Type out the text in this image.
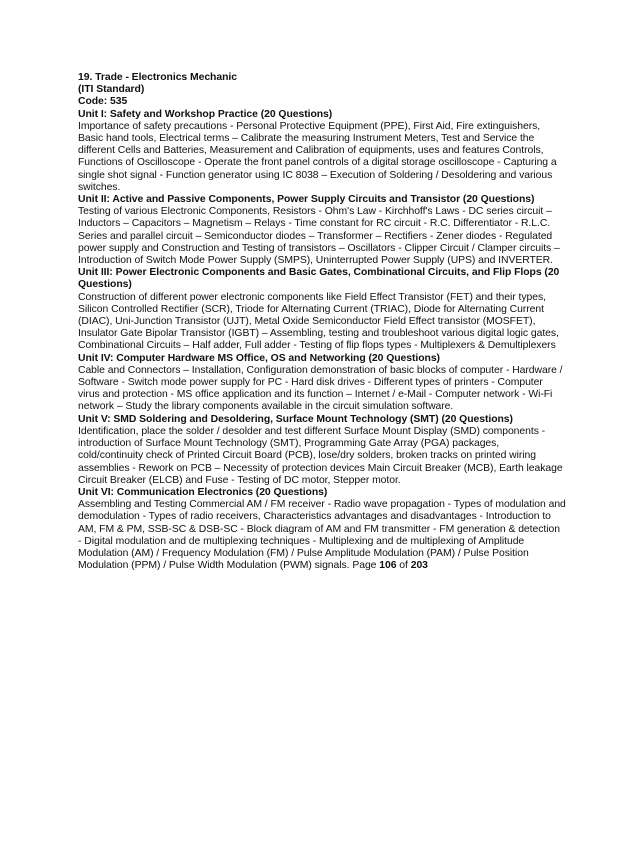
19. Trade - Electronics Mechanic

(ITI Standard)

Code: 535

Unit I: Safety and Workshop Practice (20 Questions)

Importance of safety precautions - Personal Protective Equipment (PPE), First Aid, Fire extinguishers, Basic hand tools, Electrical terms – Calibrate the measuring Instrument Meters, Test and Service the different Cells and Batteries, Measurement and Calibration of equipments, uses and features Controls, Functions of Oscilloscope - Operate the front panel controls of a digital storage oscilloscope - Capturing a single shot signal - Function generator using IC 8038 – Execution of Soldering / Desoldering and various switches.

Unit II: Active and Passive Components, Power Supply Circuits and Transistor (20 Questions)

Testing of various Electronic Components, Resistors - Ohm's Law - Kirchhoff's Laws - DC series circuit – Inductors – Capacitors – Magnetism – Relays - Time constant for RC circuit - R.C. Differentiator - R.L.C. Series and parallel circuit – Semiconductor diodes – Transformer – Rectifiers - Zener diodes - Regulated power supply and Construction and Testing of transistors – Oscillators - Clipper Circuit / Clamper circuits – Introduction of Switch Mode Power Supply (SMPS), Uninterrupted Power Supply (UPS) and INVERTER.

Unit III: Power Electronic Components and Basic Gates, Combinational Circuits, and Flip Flops (20 Questions)

Construction of different power electronic components like Field Effect Transistor (FET) and their types, Silicon Controlled Rectifier (SCR), Triode for Alternating Current (TRIAC), Diode for Alternating Current (DIAC), Uni-Junction Transistor (UJT), Metal Oxide Semiconductor Field Effect transistor (MOSFET), Insulator Gate Bipolar Transistor (IGBT) – Assembling, testing and troubleshoot various digital logic gates, Combinational Circuits – Half adder, Full adder - Testing of flip flops types - Multiplexers & Demultiplexers

Unit IV: Computer Hardware MS Office, OS and Networking (20 Questions)

Cable and Connectors – Installation, Configuration demonstration of basic blocks of computer - Hardware / Software - Switch mode power supply for PC - Hard disk drives - Different types of printers - Computer virus and protection - MS office application and its function – Internet / e-Mail - Computer network - Wi-Fi network – Study the library components available in the circuit simulation software.

Unit V: SMD Soldering and Desoldering, Surface Mount Technology (SMT) (20 Questions)

Identification, place the solder / desolder and test different Surface Mount Display (SMD) components - introduction of Surface Mount Technology (SMT), Programming Gate Array (PGA) packages, cold/continuity check of Printed Circuit Board (PCB), lose/dry solders, broken tracks on printed wiring assemblies - Rework on PCB – Necessity of protection devices Main Circuit Breaker (MCB), Earth leakage Circuit Breaker (ELCB) and Fuse - Testing of DC motor, Stepper motor.

Unit VI: Communication Electronics (20 Questions)

Assembling and Testing Commercial AM / FM receiver - Radio wave propagation - Types of modulation and demodulation - Types of radio receivers, Characteristics advantages and disadvantages - Introduction to AM, FM & PM, SSB-SC & DSB-SC - Block diagram of AM and FM transmitter - FM generation & detection - Digital modulation and de multiplexing techniques - Multiplexing and de multiplexing of Amplitude Modulation (AM) / Frequency Modulation (FM) / Pulse Amplitude Modulation (PAM) / Pulse Position Modulation (PPM) / Pulse Width Modulation (PWM) signals. Page 106 of 203
